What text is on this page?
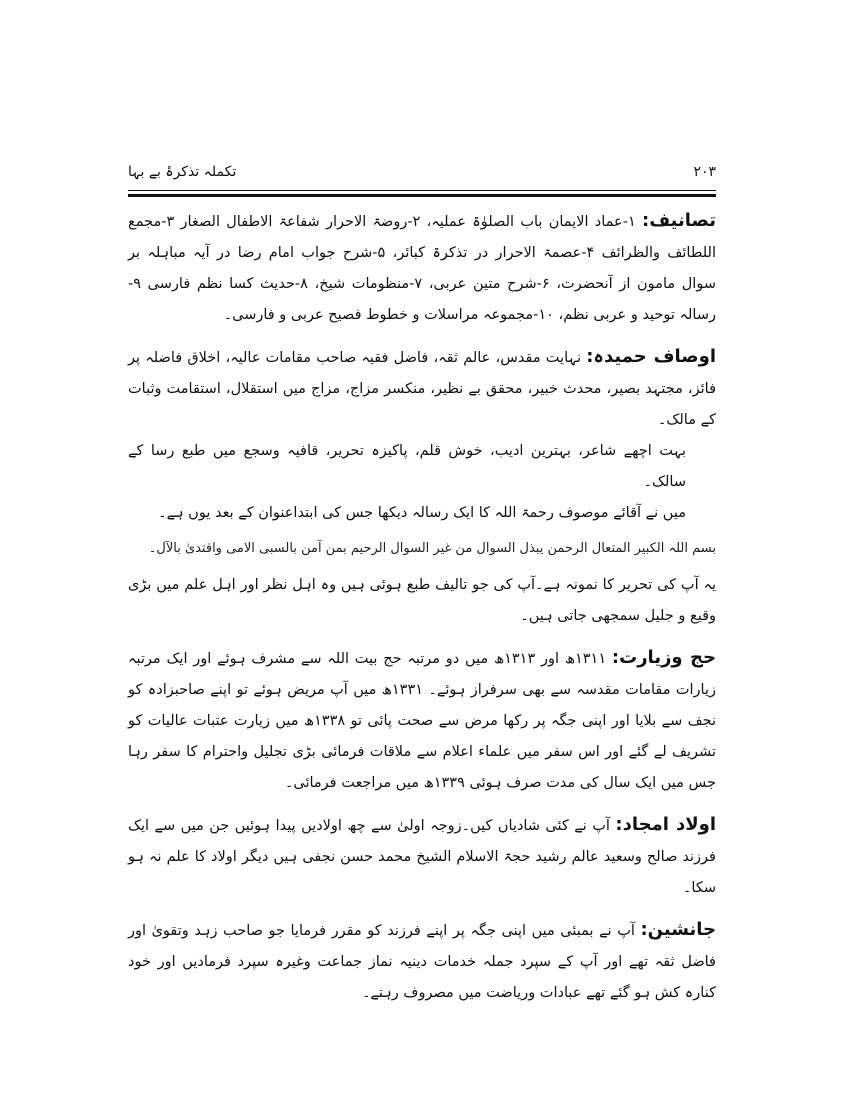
۲۰۳
تکملہ تذکرۂ بے بہا

تصانیف: ۱-عماد الایمان باب الصلوٰۃ عملیہ، ۲-روضۃ الاحرار شفاعۃ الاطفال الصغار ۳-مجمع اللطائف والظرائف ۴-عصمۃ الاحرار در تذکرۃ کبائر، ۵-شرح جواب امام رضا در آیہ مباہلہ بر سوال مامون از آنحضرت، ۶-شرح متین عربی، ۷-منظومات شیخ، ۸-حدیث کسا نظم فارسی ۹-رسالہ توحید و عربی نظم، ۱۰-مجموعہ مراسلات و خطوط فصیح عربی و فارسی۔

اوصاف حمیدہ: نہایت مقدس، عالم ثقہ، فاضل فقیہ صاحب مقامات عالیہ، اخلاق فاضلہ پر فائز، مجتہد بصیر، محدث خبیر، محقق بے نظیر، منکسر مزاج، مزاج میں استقلال، استقامت وثبات کے مالک۔

بہت اچھے شاعر، بہترین ادیب، خوش قلم، پاکیزہ تحریر، قافیہ وسجع میں طبع رسا کے سالک۔

میں نے آقائے موصوف رحمۃ اللہ کا ایک رسالہ دیکھا جس کی ابتداعنوان کے بعد یوں ہے۔

بسم اللہ الکبیر المتعال الرحمن یبذل السوال من غیر السوال الرحیم بمن آمن بالسبی الامی واقتدیٰ بالآل۔

یہ آپ کی تحریر کا نمونہ ہے۔آپ کی جو تالیف طبع ہوئی ہیں وہ اہل نظر اور اہل علم میں بڑی وقیع و جلیل سمجھی جاتی ہیں۔

حج وزیارت: ۱۳۱۱ھ اور ۱۳۱۳ھ میں دو مرتبہ حج بیت اللہ سے مشرف ہوئے اور ایک مرتبہ زیارات مقامات مقدسہ سے بھی سرفراز ہوئے۔ ۱۳۳۱ھ میں آپ مریض ہوئے تو اپنے صاحبزادہ کو نجف سے بلایا اور اپنی جگہ پر رکھا مرض سے صحت پائی تو ۱۳۳۸ھ میں زیارت عتبات عالیات کو تشریف لے گئے اور اس سفر میں علماء اعلام سے ملاقات فرمائی بڑی تجلیل واحترام کا سفر رہا جس میں ایک سال کی مدت صرف ہوئی ۱۳۳۹ھ میں مراجعت فرمائی۔

اولاد امجاد: آپ نے کئی شادیاں کیں۔زوجہ اولیٰ سے چھ اولادیں پیدا ہوئیں جن میں سے ایک فرزند صالح وسعید عالم رشید حجۃ الاسلام الشیخ محمد حسن نجفی ہیں دیگر اولاد کا علم نہ ہو سکا۔

جانشین: آپ نے بمبئی میں اپنی جگہ پر اپنے فرزند کو مقرر فرمایا جو صاحب زہد وتقویٰ اور فاضل ثقہ تھے اور آپ کے سپرد جملہ خدمات دینیہ نماز جماعت وغیرہ سپرد فرمادیں اور خود کنارہ کش ہو گئے تھے عبادات وریاضت میں مصروف رہتے۔
